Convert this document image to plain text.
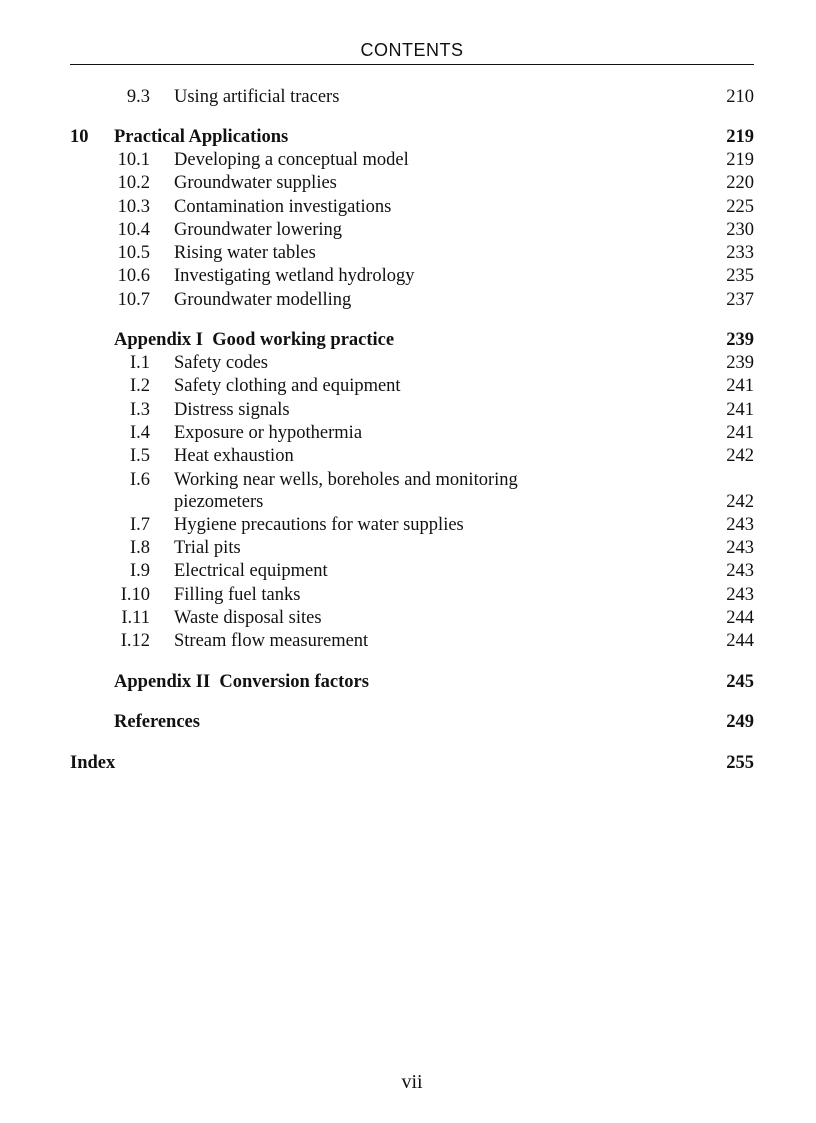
CONTENTS
9.3 Using artificial tracers	210
10 Practical Applications	219
10.1 Developing a conceptual model	219
10.2 Groundwater supplies	220
10.3 Contamination investigations	225
10.4 Groundwater lowering	230
10.5 Rising water tables	233
10.6 Investigating wetland hydrology	235
10.7 Groundwater modelling	237
Appendix I  Good working practice	239
I.1 Safety codes	239
I.2 Safety clothing and equipment	241
I.3 Distress signals	241
I.4 Exposure or hypothermia	241
I.5 Heat exhaustion	242
I.6 Working near wells, boreholes and monitoring
piezometers	242
I.7 Hygiene precautions for water supplies	243
I.8 Trial pits	243
I.9 Electrical equipment	243
I.10 Filling fuel tanks	243
I.11 Waste disposal sites	244
I.12 Stream flow measurement	244
Appendix II  Conversion factors	245
References	249
Index	255
vii
